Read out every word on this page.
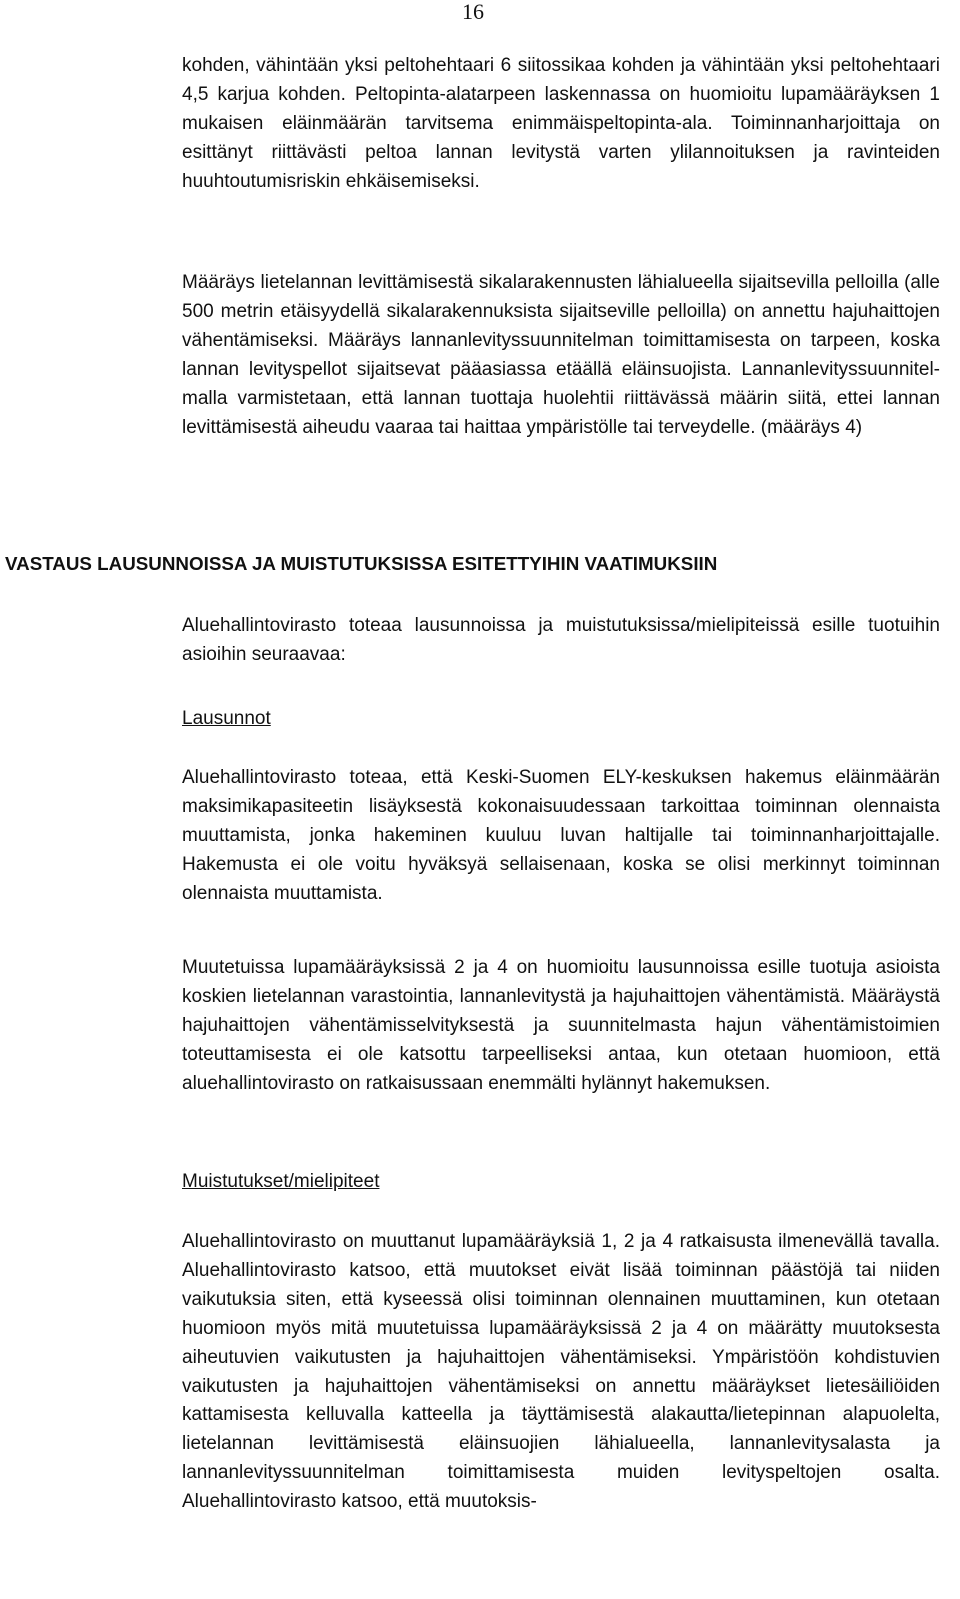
16

kohden, vähintään yksi peltohehtaari 6 siitossikaa kohden ja vähintään yksi peltohehtaari 4,5 karjua kohden. Peltopinta-alatarpeen laskennassa on huomioitu lupamääräyksen 1 mukaisen eläinmäärän tarvitsema enimmäispeltopinta-ala. Toiminnanharjoittaja on esittänyt riittävästi peltoa lannan levitystä varten ylilannoituksen ja ravinteiden huuhtoutumisriskin ehkäisemiseksi.

Määräys lietelannan levittämisestä sikalarakennusten lähialueella sijaitsevilla pelloilla (alle 500 metrin etäisyydellä sikalarakennuksista sijaitseville pelloilla) on annettu hajuhaittojen vähentämiseksi. Määräys lannanlevityssuunnitelman toimittamisesta on tarpeen, koska lannan levityspellot sijaitsevat pääasiassa etäällä eläinsuojista. Lannanlevityssuunnitelmalla varmistetaan, että lannan tuottaja huolehtii riittävässä määrin siitä, ettei lannan levittämisestä aiheudu vaaraa tai haittaa ympäristölle tai terveydelle. (määräys 4)

VASTAUS LAUSUNNOISSA JA MUISTUTUKSISSA ESITETTYIHIN VAATIMUKSIIN

Aluehallintovirasto toteaa lausunnoissa ja muistutuksissa/mielipiteissä esille tuotuihin asioihin seuraavaa:

Lausunnot

Aluehallintovirasto toteaa, että Keski-Suomen ELY-keskuksen hakemus eläinmäärän maksimikapasiteetin lisäyksestä kokonaisuudessaan tarkoittaa toiminnan olennaista muuttamista, jonka hakeminen kuuluu luvan haltijalle tai toiminnanharjoittajalle. Hakemusta ei ole voitu hyväksyä sellaisenaan, koska se olisi merkinnyt toiminnan olennaista muuttamista.

Muutetuissa lupamääräyksissä 2 ja 4 on huomioitu lausunnoissa esille tuotuja asioista koskien lietelannan varastointia, lannanlevitystä ja hajuhaittojen vähentämistä. Määräystä hajuhaittojen vähentämisselvityksestä ja suunnitelmasta hajun vähentämistoimien toteuttamisesta ei ole katsottu tarpeelliseksi antaa, kun otetaan huomioon, että aluehallintovirasto on ratkaisussaan enemmälti hylännyt hakemuksen.

Muistutukset/mielipiteet

Aluehallintovirasto on muuttanut lupamääräyksiä 1, 2 ja 4 ratkaisusta ilmenevällä tavalla. Aluehallintovirasto katsoo, että muutokset eivät lisää toiminnan päästöjä tai niiden vaikutuksia siten, että kyseessä olisi toiminnan olennainen muuttaminen, kun otetaan huomioon myös mitä muutetuissa lupamääräyksissä 2 ja 4 on määrätty muutoksesta aiheutuvien vaikutusten ja hajuhaittojen vähentämiseksi. Ympäristöön kohdistuvien vaikutusten ja hajuhaittojen vähentämiseksi on annettu määräykset lietesäiliöiden kattamisesta kelluvalla katteella ja täyttämisestä alakautta/lietepinnan alapuolelta, lietelannan levittämisestä eläinsuojien lähialueella, lannanlevitysalasta ja lannanlevityssuunnitelman toimittamisesta muiden levityspeltojen osalta. Aluehallintovirasto katsoo, että muutoksis-
